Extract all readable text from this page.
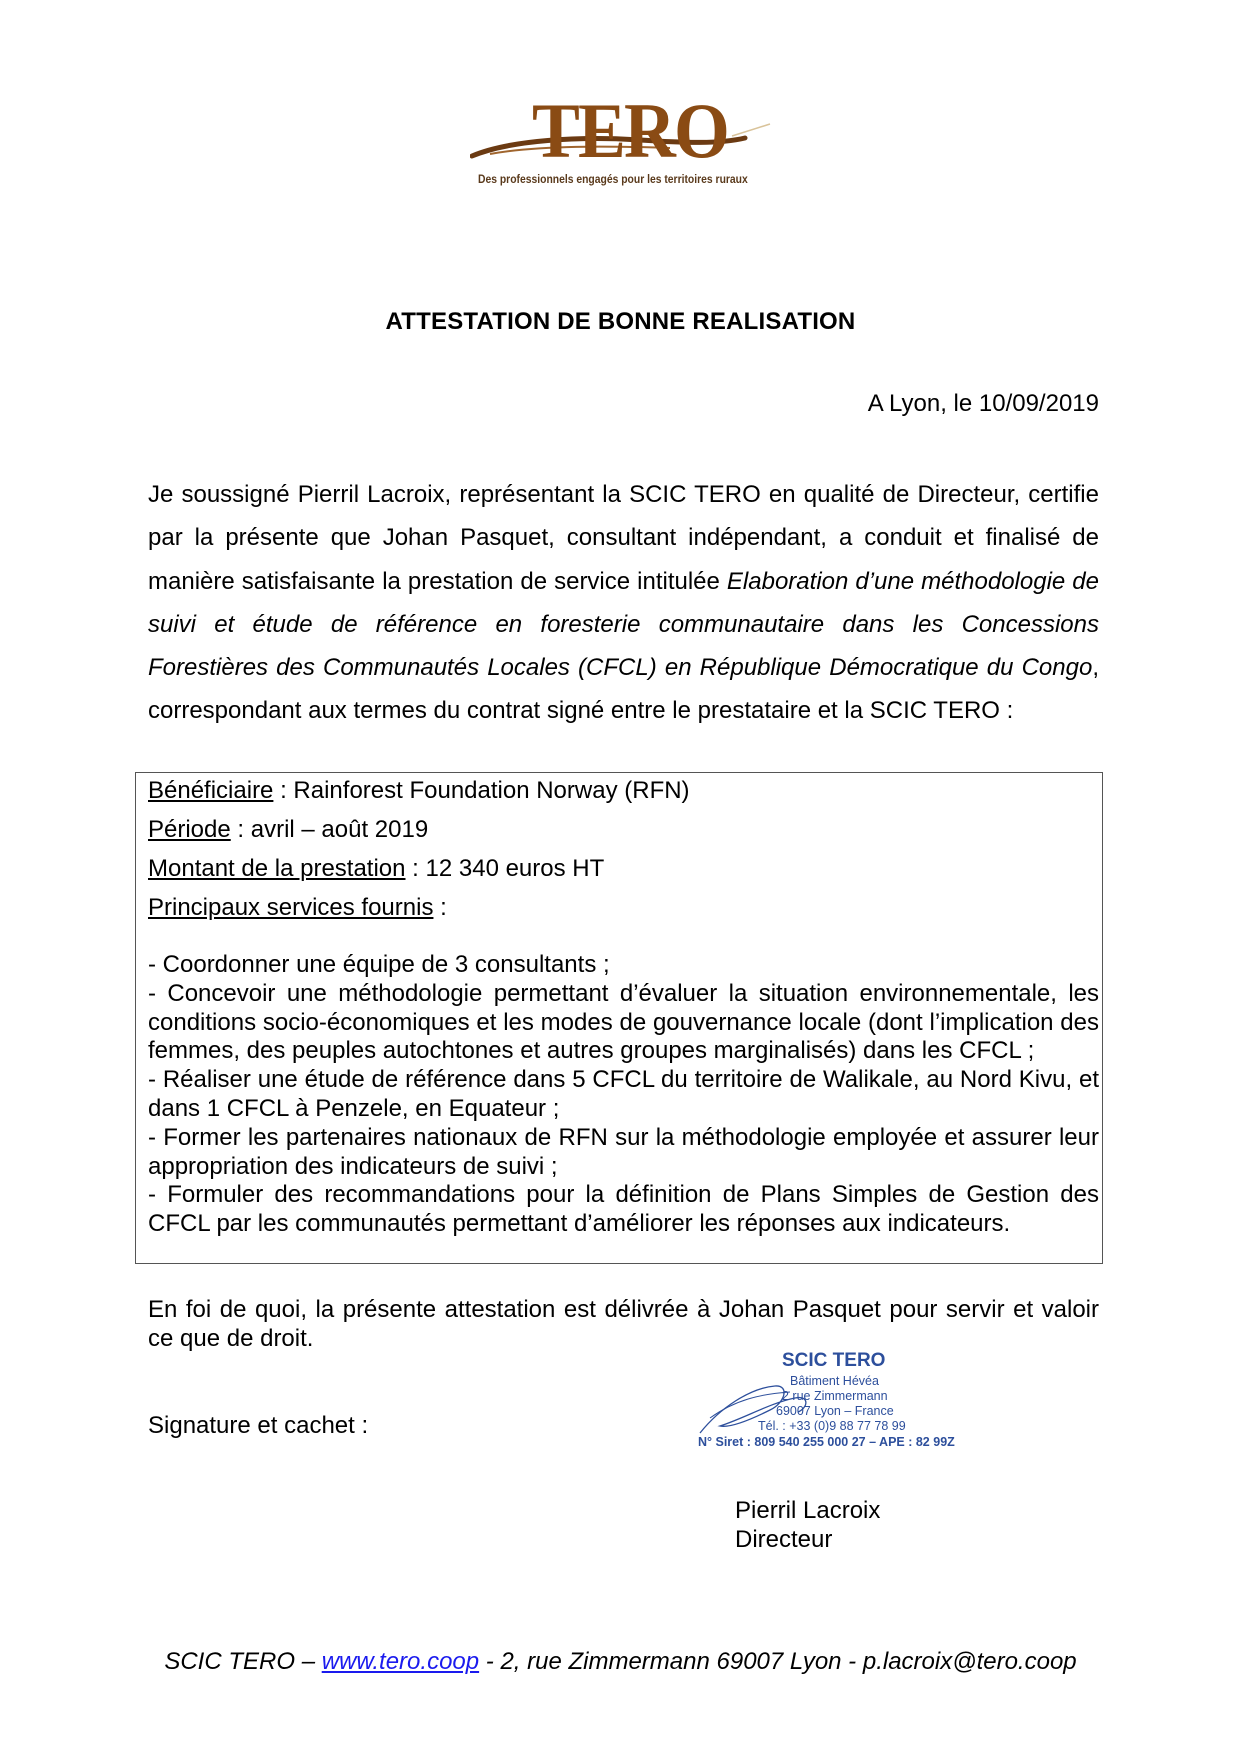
TERO
Des professionnels engagés pour les territoires ruraux
ATTESTATION DE BONNE REALISATION
A Lyon, le 10/09/2019
Je soussigné Pierril Lacroix, représentant la SCIC TERO en qualité de Directeur, certifie par la présente que Johan Pasquet, consultant indépendant, a conduit et finalisé de manière satisfaisante la prestation de service intitulée Elaboration d’une méthodologie de suivi et étude de référence en foresterie communautaire dans les Concessions Forestières des Communautés Locales (CFCL) en République Démocratique du Congo, correspondant aux termes du contrat signé entre le prestataire et la SCIC TERO :
Bénéficiaire : Rainforest Foundation Norway (RFN)
Période : avril – août 2019
Montant de la prestation : 12 340 euros HT
Principaux services fournis :

- Coordonner une équipe de 3 consultants ;

- Concevoir une méthodologie permettant d’évaluer la situation environnementale, les conditions socio-économiques et les modes de gouvernance locale (dont l’implication des femmes, des peuples autochtones et autres groupes marginalisés) dans les CFCL ;

- Réaliser une étude de référence dans 5 CFCL du territoire de Walikale, au Nord Kivu, et dans 1 CFCL à Penzele, en Equateur ;

- Former les partenaires nationaux de RFN sur la méthodologie employée et assurer leur appropriation des indicateurs de suivi ;

- Formuler des recommandations pour la définition de Plans Simples de Gestion des CFCL par les communautés permettant d’améliorer les réponses aux indicateurs.

En foi de quoi, la présente attestation est délivrée à Johan Pasquet pour servir et valoir ce que de droit.
Signature et cachet :
SCIC TERO
Bâtiment Hévéa
2 rue Zimmermann
69007 Lyon – France
Tél. : +33 (0)9 88 77 78 99
N° Siret : 809 540 255 000 27 – APE : 82 99Z
Pierril Lacroix
Directeur
SCIC TERO – www.tero.coop - 2, rue Zimmermann 69007 Lyon - p.lacroix@tero.coop
